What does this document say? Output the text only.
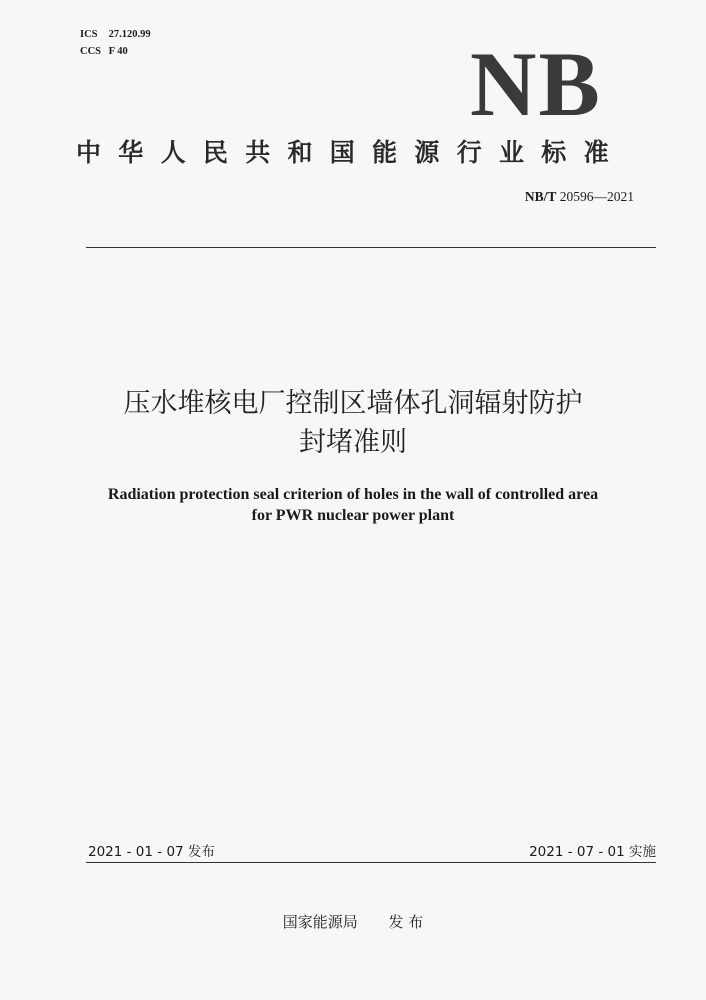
ICS 27.120.99
CCS F 40	NB
中华人民共和国能源行业标准
NB/T 20596—2021
压水堆核电厂控制区墙体孔洞辐射防护
封堵准则
Radiation protection seal criterion of holes in the wall of controlled area
for PWR nuclear power plant
2021 - 01 - 07 发布	2021 - 07 - 01 实施
国家能源局 发 布
